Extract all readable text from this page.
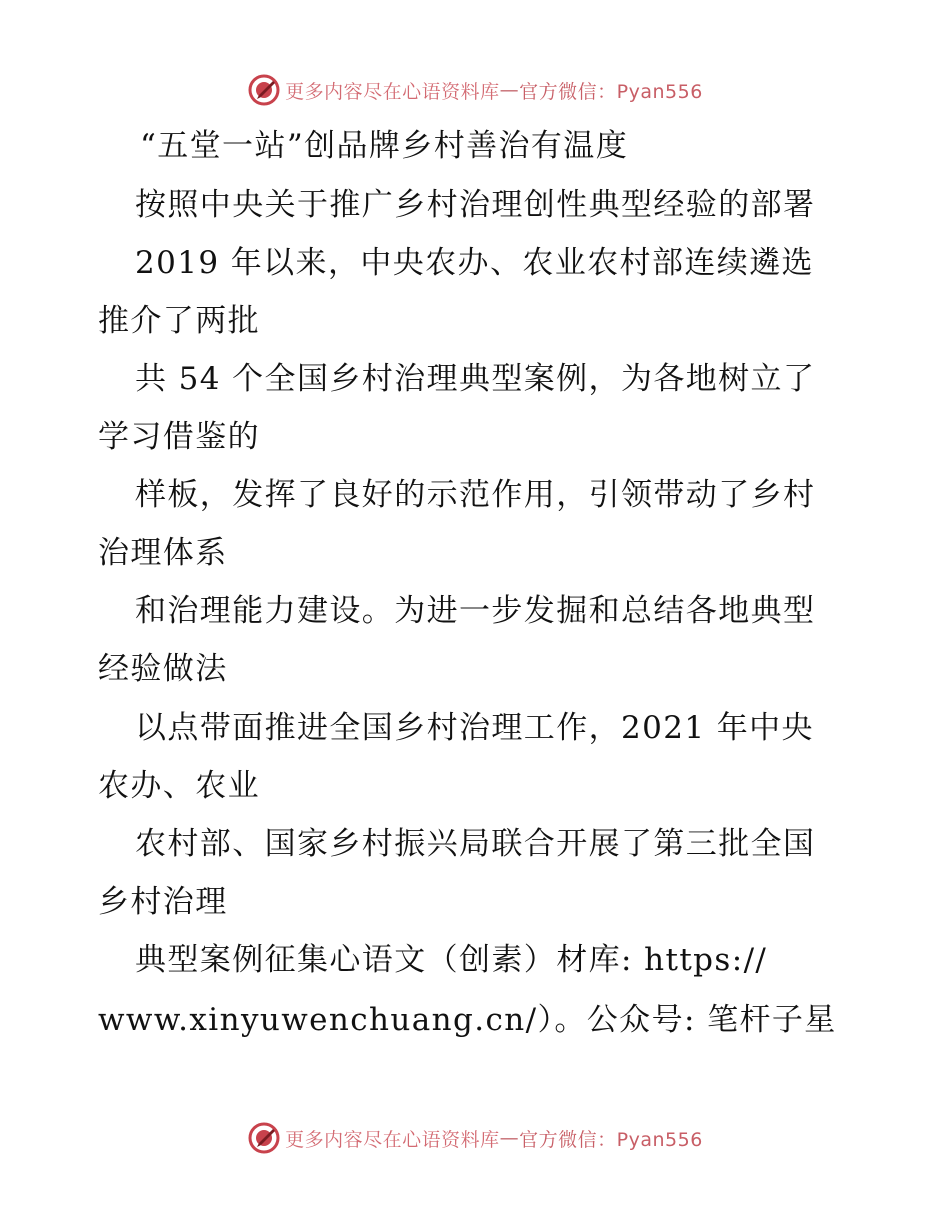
更多内容尽在心语资料库 — 官方微信：Pyan556
“五堂一站”创品牌乡村善治有温度
按照中央关于推广乡村治理创性典型经验的部署
2019 年以来，中央农办、农业农村部连续遴选
推介了两批
共 54 个全国乡村治理典型案例，为各地树立了
学习借鉴的
样板，发挥了良好的示范作用，引领带动了乡村
治理体系
和治理能力建设。为进一步发掘和总结各地典型
经验做法
以点带面推进全国乡村治理工作，2021 年中央
农办、农业
农村部、国家乡村振兴局联合开展了第三批全国
乡村治理
典型案例征集心语文（创素）材库: https://
www.xinyuwenchuang.cn/）。公众号: 笔杆子星
更多内容尽在心语资料库 — 官方微信：Pyan556
